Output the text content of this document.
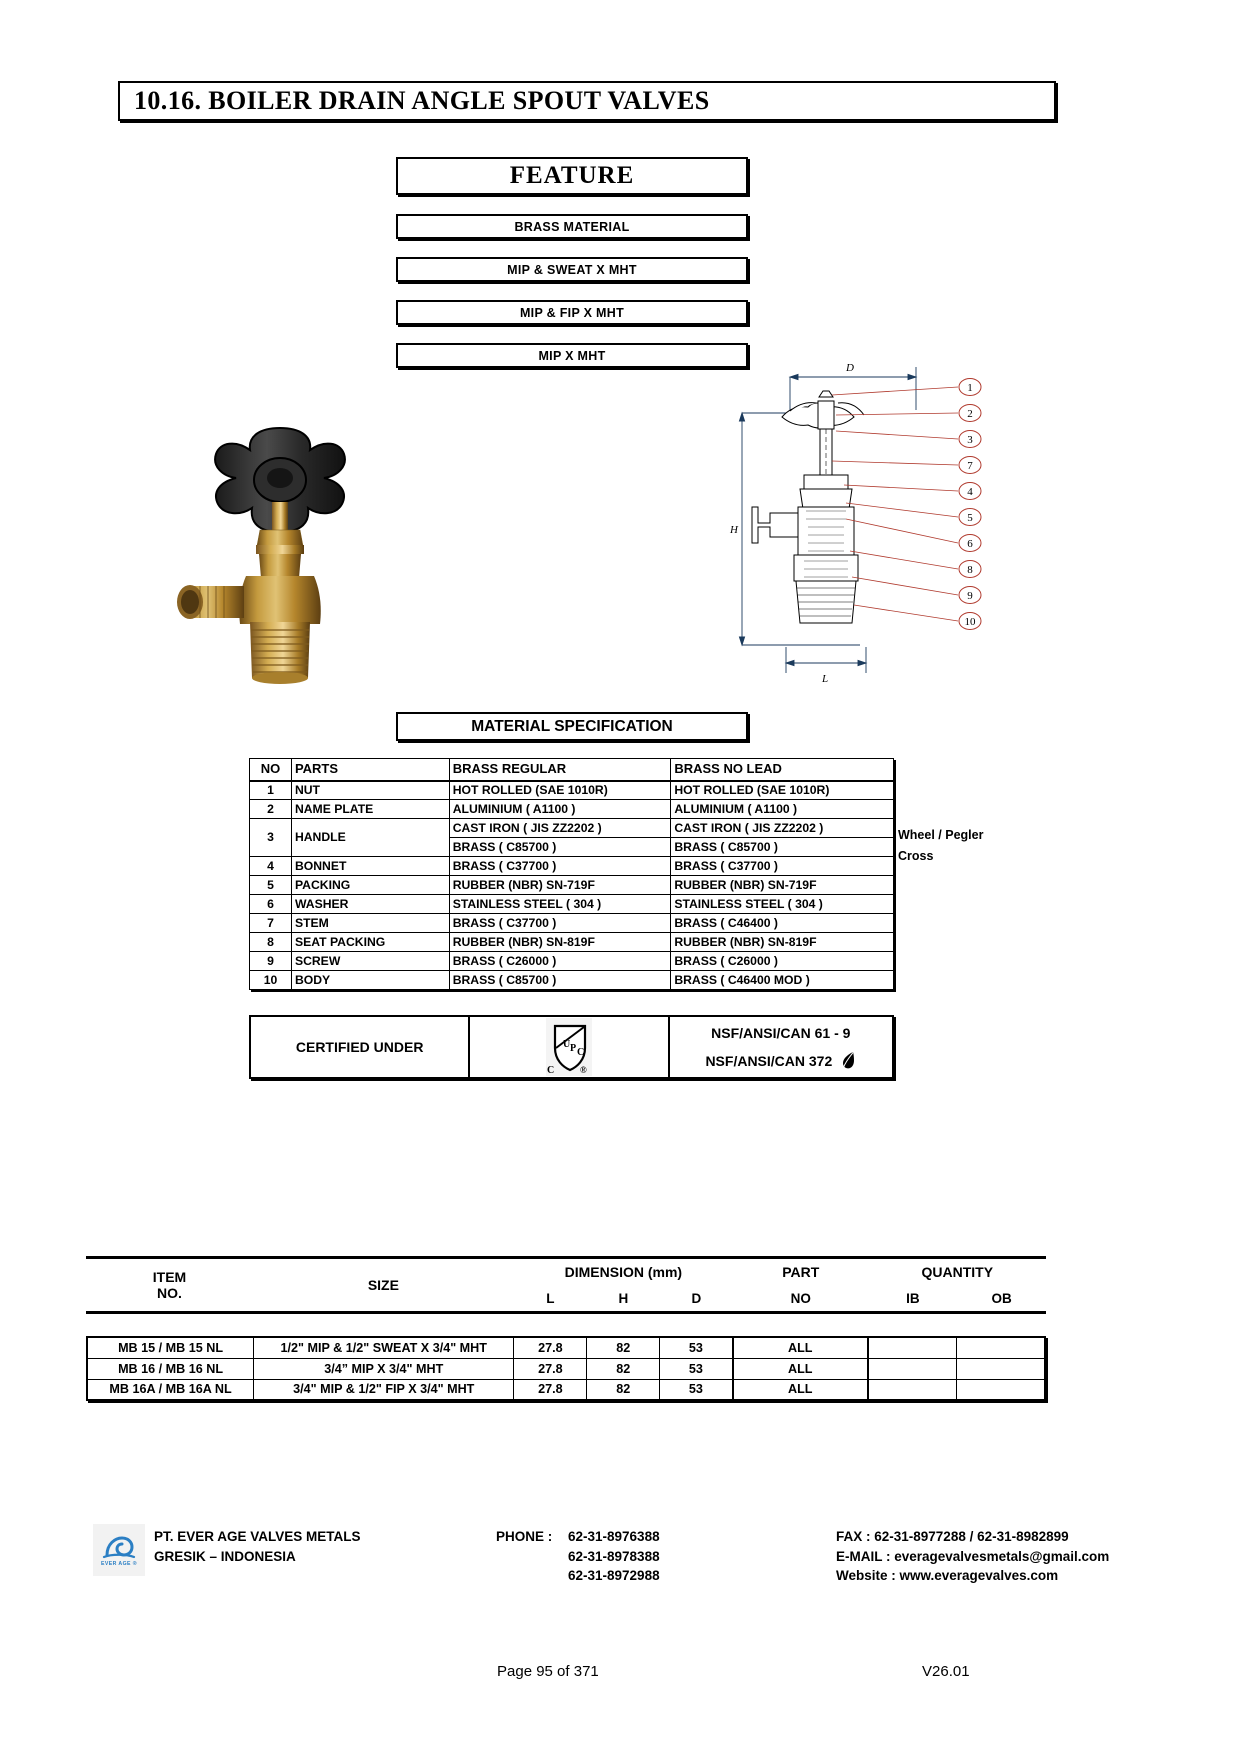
10.16. BOILER DRAIN ANGLE SPOUT VALVES
FEATURE
BRASS MATERIAL
MIP & SWEAT X MHT
MIP & FIP X MHT
MIP X MHT
D
H
L
1
2
3
7
4
5
6
8
9
10
MATERIAL SPECIFICATION
NO	PARTS	BRASS REGULAR	BRASS NO LEAD
1	NUT	HOT ROLLED (SAE 1010R)	HOT ROLLED (SAE 1010R)
2	NAME PLATE	ALUMINIUM ( A1100 )	ALUMINIUM ( A1100 )
3	HANDLE	CAST IRON ( JIS ZZ2202 )	CAST IRON ( JIS ZZ2202 )
		BRASS ( C85700 )	BRASS ( C85700 )
4	BONNET	BRASS ( C37700 )	BRASS ( C37700 )
5	PACKING	RUBBER (NBR) SN-719F	RUBBER (NBR) SN-719F
6	WASHER	STAINLESS STEEL ( 304 )	STAINLESS STEEL ( 304 )
7	STEM	BRASS ( C37700 )	BRASS ( C46400 )
8	SEAT PACKING	RUBBER (NBR) SN-819F	RUBBER (NBR) SN-819F
9	SCREW	BRASS ( C26000 )	BRASS ( C26000 )
10	BODY	BRASS ( C85700 )	BRASS ( C46400 MOD )
Wheel / Pegler
Cross
CERTIFIED UNDER	U P C
C	®

NSF/ANSI/CAN 61 - 9
NSF/ANSI/CAN 372
ITEM
NO.	SIZE	DIMENSION (mm)			PART	QUANTITY	
		L	H	D	NO	IB	OB
MB 15 / MB 15 NL	1/2" MIP & 1/2" SWEAT X 3/4" MHT	27.8	82	53	ALL		
MB 16 / MB 16 NL	3/4” MIP X 3/4" MHT	27.8	82	53	ALL		
MB 16A / MB 16A NL	3/4" MIP & 1/2" FIP X 3/4" MHT	27.8	82	53	ALL		
EVER AGE ®
PT. EVER AGE VALVES METALS
GRESIK – INDONESIA
PHONE : 62-31-8976388
62-31-8978388
62-31-8972988
FAX : 62-31-8977288 / 62-31-8982899
E-MAIL : everagevalvesmetals@gmail.com
Website : www.everagevalves.com
Page 95 of 371	V26.01
